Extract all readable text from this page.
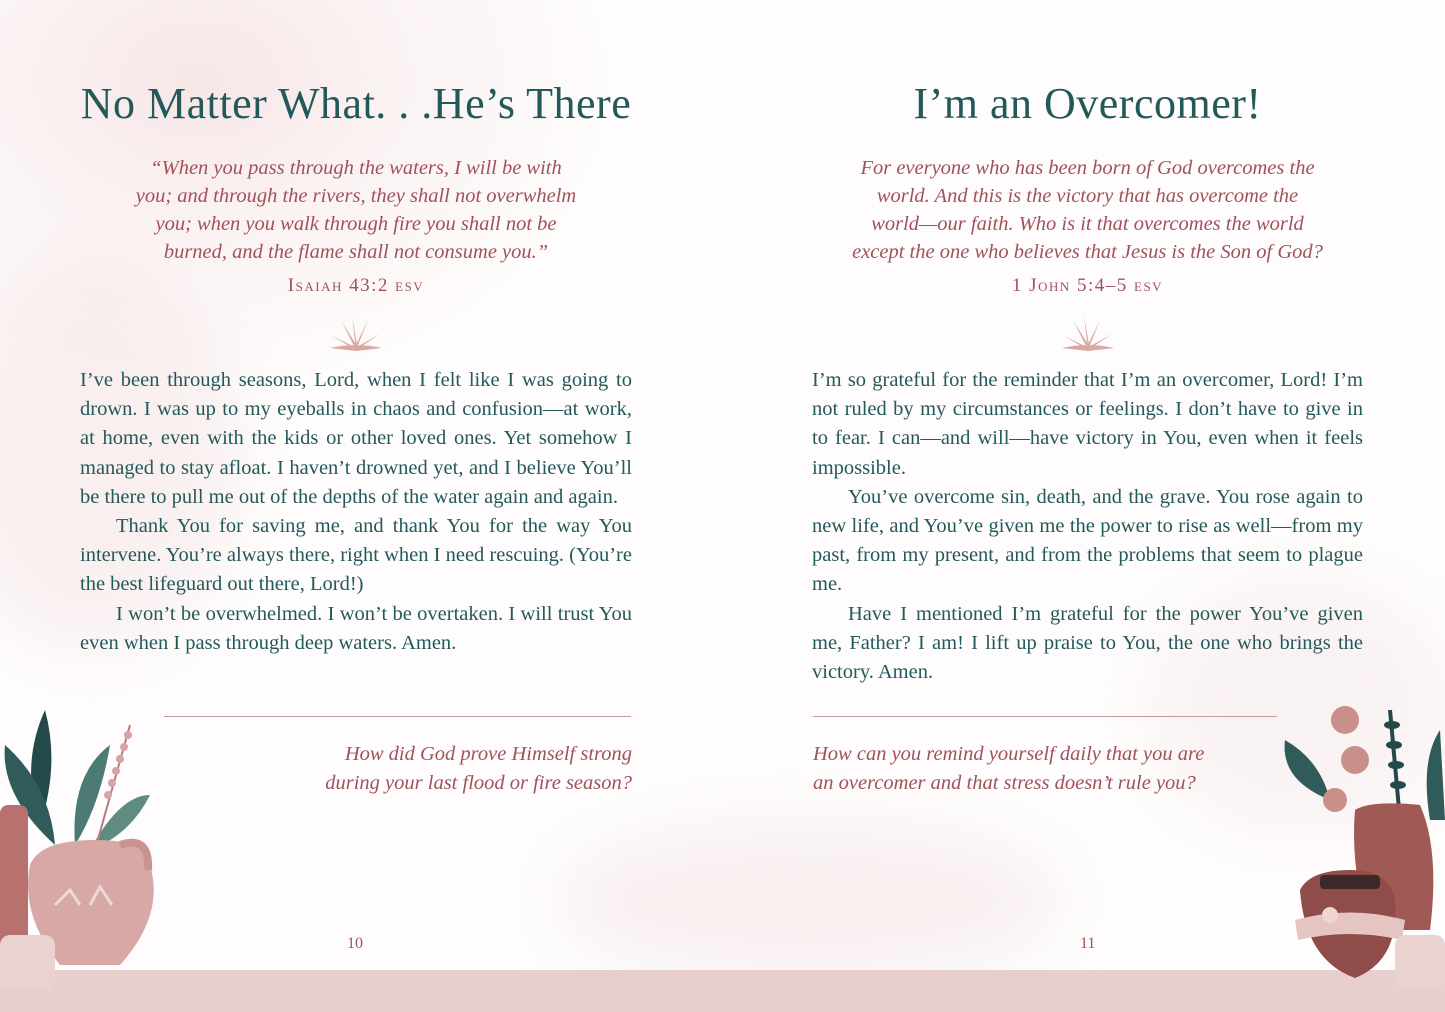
No Matter What. . .He’s There
“When you pass through the waters, I will be with
you; and through the rivers, they shall not overwhelm
you; when you walk through fire you shall not be
burned, and the flame shall not consume you.”
Isaiah 43:2 esv

I’ve been through seasons, Lord, when I felt like I was going to drown. I was up to my eyeballs in chaos and confusion—at work, at home, even with the kids or other loved ones. Yet somehow I managed to stay afloat. I haven’t drowned yet, and I believe You’ll be there to pull me out of the depths of the water again and again.

Thank You for saving me, and thank You for the way You intervene. You’re always there, right when I need rescuing. (You’re the best lifeguard out there, Lord!)

I won’t be overwhelmed. I won’t be overtaken. I will trust You even when I pass through deep waters. Amen.

How did God prove Himself strong
during your last flood or fire season?
10
I’m an Overcomer!
For everyone who has been born of God overcomes the
world. And this is the victory that has overcome the
world—our faith. Who is it that overcomes the world
except the one who believes that Jesus is the Son of God?
1 John 5:4–5 esv

I’m so grateful for the reminder that I’m an overcomer, Lord! I’m not ruled by my circumstances or feelings. I don’t have to give in to fear. I can—and will—have victory in You, even when it feels impossible.

You’ve overcome sin, death, and the grave. You rose again to new life, and You’ve given me the power to rise as well—from my past, from my present, and from the problems that seem to plague me.

Have I mentioned I’m grateful for the power You’ve given me, Father? I am! I lift up praise to You, the one who brings the victory. Amen.

How can you remind yourself daily that you are
an overcomer and that stress doesn’t rule you?
11
